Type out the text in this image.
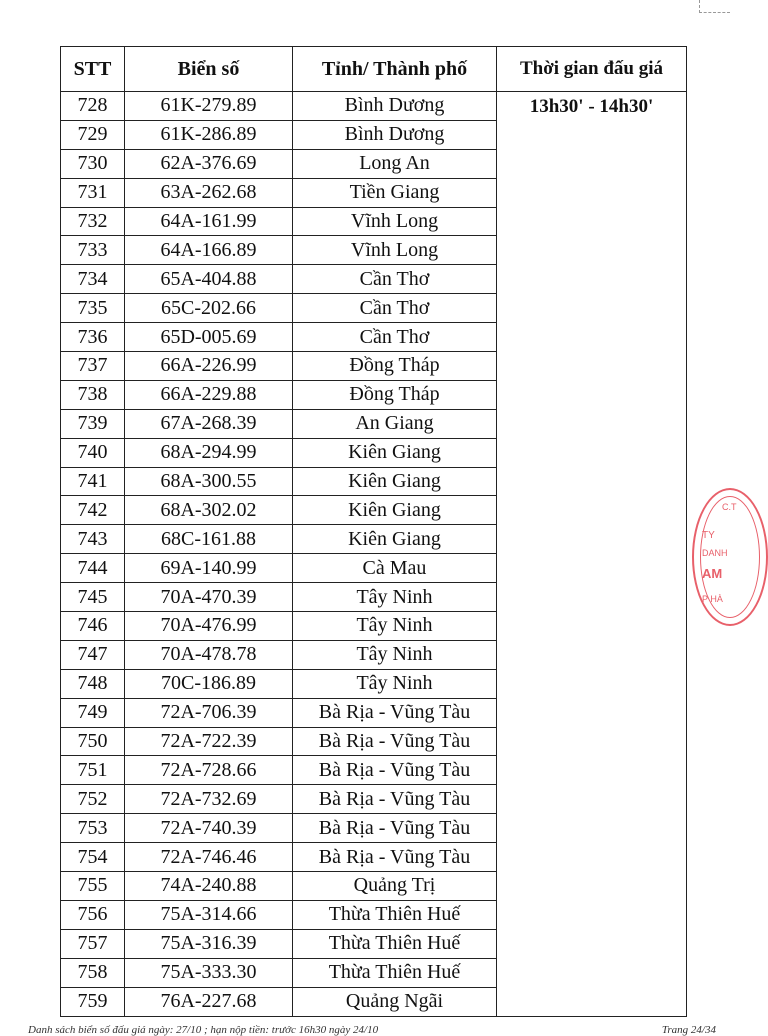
STT	Biển số	Tỉnh/ Thành phố	Thời gian đấu giá
728	61K-279.89	Bình Dương	13h30' - 14h30'
729	61K-286.89	Bình Dương	
730	62A-376.69	Long An	
731	63A-262.68	Tiền Giang	
732	64A-161.99	Vĩnh Long	
733	64A-166.89	Vĩnh Long	
734	65A-404.88	Cần Thơ	
735	65C-202.66	Cần Thơ	
736	65D-005.69	Cần Thơ	
737	66A-226.99	Đồng Tháp	
738	66A-229.88	Đồng Tháp	
739	67A-268.39	An Giang	
740	68A-294.99	Kiên Giang	
741	68A-300.55	Kiên Giang	
742	68A-302.02	Kiên Giang	
743	68C-161.88	Kiên Giang	
744	69A-140.99	Cà Mau	
745	70A-470.39	Tây Ninh	
746	70A-476.99	Tây Ninh	
747	70A-478.78	Tây Ninh	
748	70C-186.89	Tây Ninh	
749	72A-706.39	Bà Rịa - Vũng Tàu	
750	72A-722.39	Bà Rịa - Vũng Tàu	
751	72A-728.66	Bà Rịa - Vũng Tàu	
752	72A-732.69	Bà Rịa - Vũng Tàu	
753	72A-740.39	Bà Rịa - Vũng Tàu	
754	72A-746.46	Bà Rịa - Vũng Tàu	
755	74A-240.88	Quảng Trị	
756	75A-314.66	Thừa Thiên Huế	
757	75A-316.39	Thừa Thiên Huế	
758	75A-333.30	Thừa Thiên Huế	
759	76A-227.68	Quảng Ngãi	
C.T
TY
DANH
AM
P HÀ
Danh sách biển số đấu giá ngày: 27/10 ; hạn nộp tiền: trước 16h30 ngày 24/10	Trang 24/34
